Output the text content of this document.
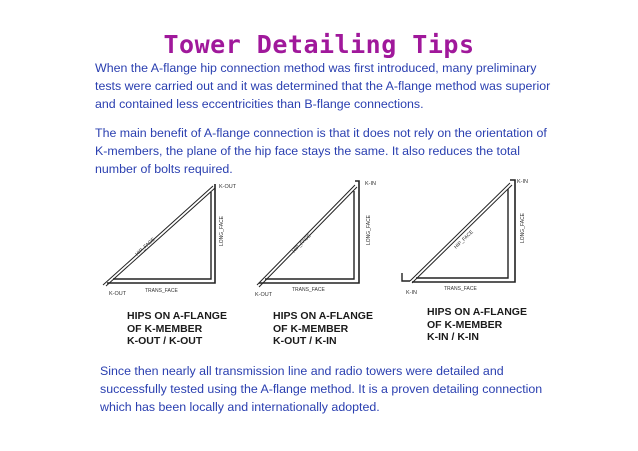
Tower Detailing Tips

When the A-flange hip connection method was first introduced, many preliminary tests were carried out and it was determined that the A-flange method was superior and contained less eccentricities than B-flange connections.

The main benefit of A-flange connection is that it does not rely on the orientation of K-members, the plane of the hip face stays the same. It also reduces the total number of bolts required.

K-OUT
K-OUT
HIP_FACE
LONG_FACE
TRANS_FACE
K-IN
K-OUT
HIP_FACE	LONG_FACE
TRANS_FACE
K-IN
K-IN
HIP_FACE	LONG_FACE
TRANS_FACE
HIPS ON A-FLANGE
OF K-MEMBER
K-OUT / K-OUT
HIPS ON A-FLANGE
OF K-MEMBER
K-OUT / K-IN
HIPS ON A-FLANGE
OF K-MEMBER
K-IN / K-IN

Since then nearly all transmission line and radio towers were detailed and successfully tested using the A-flange method. It is a proven detailing connection which has been locally and internationally adopted.
